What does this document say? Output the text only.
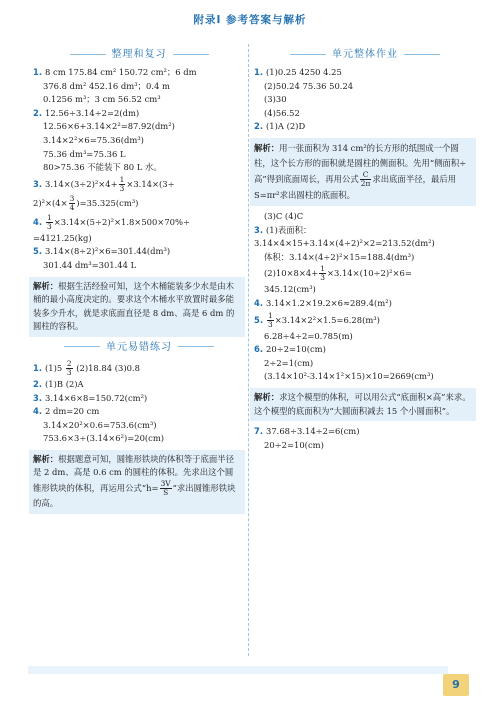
附录Ⅰ 参考答案与解析
整理和复习
1. 8 cm 175.84 cm² 150.72 cm²；6 dm
376.8 dm² 452.16 dm³；0.4 m
0.1256 m³；3 cm 56.52 cm³
2. 12.56÷3.14÷2=2(dm)
12.56×6+3.14×2²=87.92(dm²)
3.14×2²×6=75.36(dm³)
75.36 dm³=75.36 L
80>75.36 不能装下 80 L 水。
3. $3.14\times(3\div 2)^2\times 4+ \frac{1}{3} \times 3.14\times(3\div$
$2)^2\times(4\times \frac{3}{4} )=35.325(cm^3)$
4. $\frac{1}{3} \times 3.14\times(5\div 2)^2\times 1.8\times 500\times 70\%\div$
=4121.25(kg)
5. 3.14×(8÷2)²×6=301.44(dm³)
301.44 dm³=301.44 L
解析：根据生活经验可知，这个木桶能装多少水是由木桶的最小高度决定的。要求这个木桶水平放置时最多能装多少升水，就是求底面直径是 8 dm、高是 6 dm 的圆柱的容积。
单元易错练习
1. $(1)5 \frac{2}{3} (2)18.84$ (3)0.8
2. (1)B (2)A
3. 3.14×6×8=150.72(cm²)
4. 2 dm=20 cm
3.14×20²×0.6=753.6(cm³)
753.6×3÷(3.14×6²)=20(cm)
解析：根据题意可知，圆锥形铁块的体积等于底面半径是 2 dm、高是 0.6 cm 的圆柱的体积。先求出这个圆锥形铁块的体积，再运用公式“$h= \frac{3V}{S}$ ”求出圆锥形铁块的高。
单元整体作业
1. (1)0.25 4250 4.25
(2)50.24 75.36 50.24
(3)30
(4)56.52
2. (1)A (2)D
解析：用一张面积为 314 cm²的长方形的纸围成一个圆柱，这个长方形的面积就是圆柱的侧面积。先用“侧面积÷高”得到底面周长，再用公式 $\frac{C}{2\pi}$ 求出底面半径，最后用 S=πr²求出圆柱的底面积。
(3)C (4)C
3. (1)表面积：3.14×4×15+3.14×(4÷2)²×2=213.52(dm²)
体积：3.14×(4÷2)²×15=188.4(dm³)
$(2)10\times 8\times 4+ \frac{1}{3} \times 3.14\times(10\div 2)^2\times 6=$
345.12(cm³)
4. 3.14×1.2×19.2×6≈289.4(m²)
5. $\frac{1}{3} \times 3.14\times 2^2\times 1.5=6.28(m^3)$
6.28÷4÷2=0.785(m)
6. 20÷2=10(cm)
2÷2=1(cm)
(3.14×10²-3.14×1²×15)×10=2669(cm³)
解析：求这个模型的体积，可以用公式“底面积×高”来求。这个模型的底面积为“大圆面积减去 15 个小圆面积”。
7. 37.68÷3.14÷2=6(cm)
20÷2=10(cm)
9
